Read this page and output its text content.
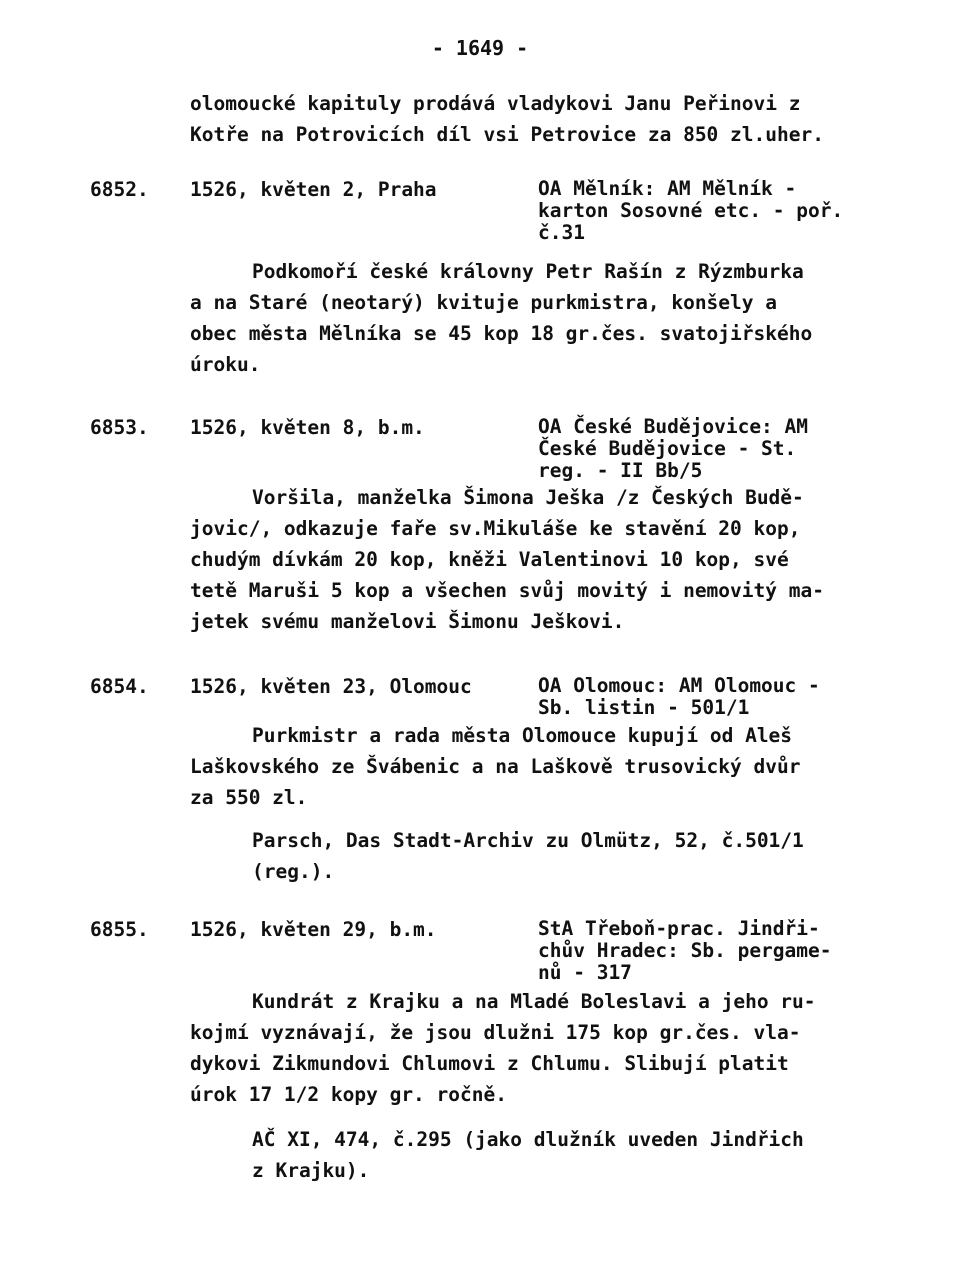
- 1649 -
olomoucké kapituly prodává vladykovi Janu Peřinovi z
Kotře na Potrovicích díl vsi Petrovice za 850 zl.uher.
6852. 1526, květen 2, Praha	OA Mělník: AM Mělník -
karton Sosovné etc. - poř.
č.31
Podkomoří české královny Petr Rašín z Rýzmburka
a na Staré (neotarý) kvituje purkmistra, konšely a
obec města Mělníka se 45 kop 18 gr.čes. svatojiřského
úroku.
6853. 1526, květen 8, b.m.	OA České Budějovice: AM
České Budějovice - St.
reg. - II Bb/5
Voršila, manželka Šimona Ješka /z Českých Budě-
jovic/, odkazuje faře sv.Mikuláše ke stavění 20 kop,
chudým dívkám 20 kop, kněži Valentinovi 10 kop, své
tetě Maruši 5 kop a všechen svůj movitý i nemovitý ma-
jetek svému manželovi Šimonu Ješkovi.
6854. 1526, květen 23, Olomouc	OA Olomouc: AM Olomouc -
Sb. listin - 501/1
Purkmistr a rada města Olomouce kupují od Aleš
Laškovského ze Švábenic a na Laškově trusovický dvůr
za 550 zl.
Parsch, Das Stadt-Archiv zu Olmütz, 52, č.501/1
(reg.).
6855. 1526, květen 29, b.m.	StA Třeboň-prac. Jindři-
chův Hradec: Sb. pergame-
nů - 317
Kundrát z Krajku a na Mladé Boleslavi a jeho ru-
kojmí vyznávají, že jsou dlužni 175 kop gr.čes. vla-
dykovi Zikmundovi Chlumovi z Chlumu. Slibují platit
úrok 17 1/2 kopy gr. ročně.
AČ XI, 474, č.295 (jako dlužník uveden Jindřich
z Krajku).
